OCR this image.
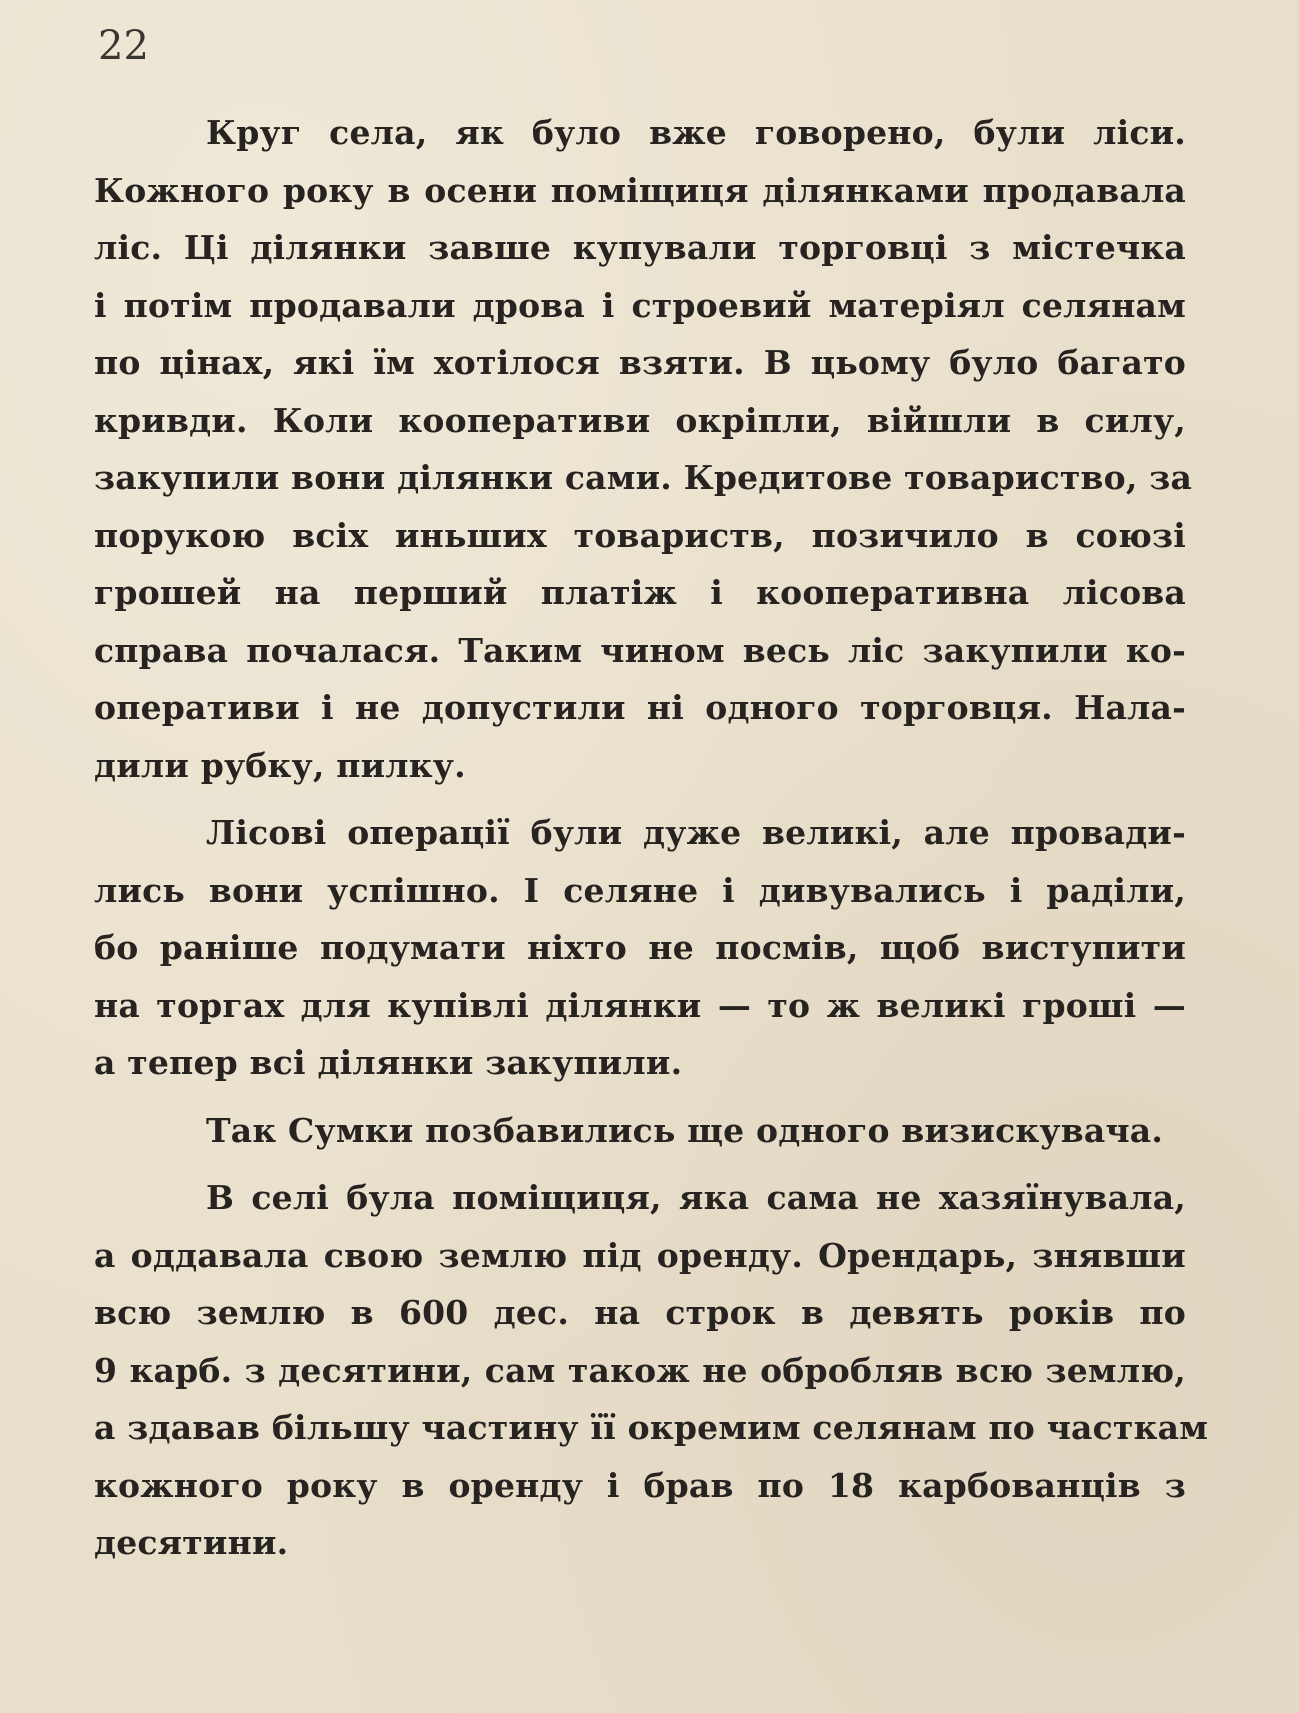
22
Круг села, як було вже говорено, були ліси.
Кожного року в осени поміщиця ділянками продавала
ліс. Ці ділянки завше купували торговці з містечка
і потім продавали дрова і строевий матеріял селянам
по цінах, які їм хотілося взяти. В цьому було багато
кривди. Коли кооперативи окріпли, війшли в силу,
закупили вони ділянки сами. Кредитове товариство, за
порукою всіх иньших товариств, позичило в союзі
грошей на перший платіж і кооперативна лісова
справа почалася. Таким чином весь ліс закупили ко-
оперативи і не допустили ні одного торговця. Нала-
дили рубку, пилку.
Лісові операції були дуже великі, але провади-
лись вони успішно. І селяне і дивувались і раділи,
бо раніше подумати ніхто не посмів, щоб виступити
на торгах для купівлі ділянки — то ж великі гроші —
а тепер всі ділянки закупили.
Так Сумки позбавились ще одного визискувача.
В селі була поміщиця, яка сама не хазяїнувала,
а оддавала свою землю під оренду. Орендарь, знявши
всю землю в 600 дес. на строк в девять років по
9 карб. з десятини, сам також не обробляв всю землю,
а здавав більшу частину її окремим селянам по часткам
кожного року в оренду і брав по 18 карбованців з
десятини.
